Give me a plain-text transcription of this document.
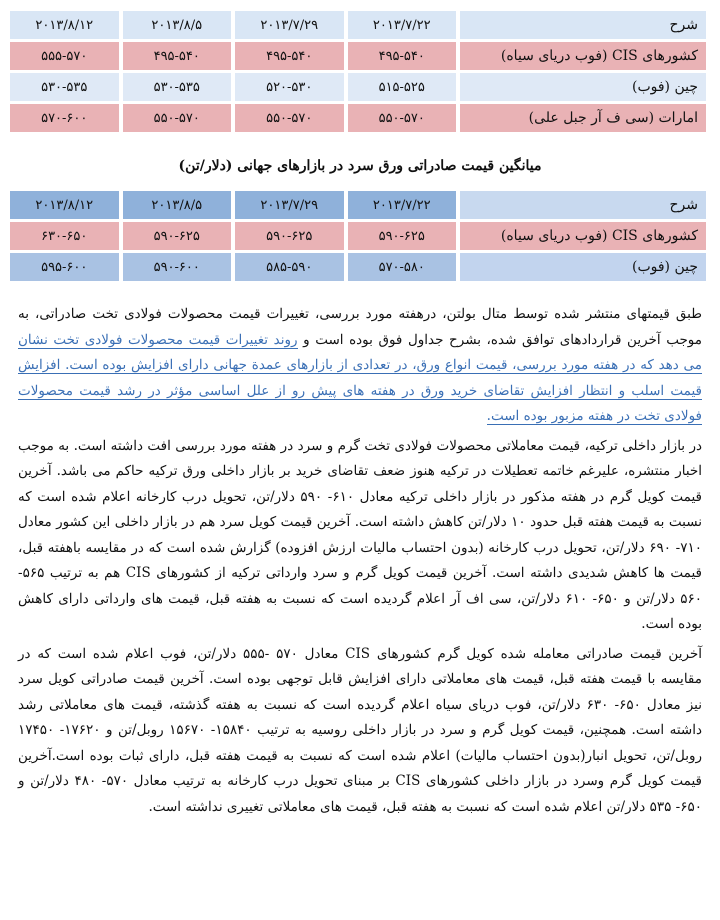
شرح	۲۰۱۳/۷/۲۲	۲۰۱۳/۷/۲۹	۲۰۱۳/۸/۵	۲۰۱۳/۸/۱۲
کشورهای CIS (فوب دریای سیاه)	۴۹۵-۵۴۰	۴۹۵-۵۴۰	۴۹۵-۵۴۰	۵۵۵-۵۷۰
چین (فوب)	۵۱۵-۵۲۵	۵۲۰-۵۳۰	۵۳۰-۵۳۵	۵۳۰-۵۳۵
امارات (سی ف آر جبل علی)	۵۵۰-۵۷۰	۵۵۰-۵۷۰	۵۵۰-۵۷۰	۵۷۰-۶۰۰
میانگین قیمت صادراتی ورق سرد در بازارهای جهانی (دلار/تن)
شرح	۲۰۱۳/۷/۲۲	۲۰۱۳/۷/۲۹	۲۰۱۳/۸/۵	۲۰۱۳/۸/۱۲
کشورهای CIS (فوب دریای سیاه)	۵۹۰-۶۲۵	۵۹۰-۶۲۵	۵۹۰-۶۲۵	۶۳۰-۶۵۰
چین (فوب)	۵۷۰-۵۸۰	۵۸۵-۵۹۰	۵۹۰-۶۰۰	۵۹۵-۶۰۰

طبق قیمتهای منتشر شده توسط متال بولتن، درهفته مورد بررسی، تغییرات قیمت محصولات فولادی تخت صادراتی، به موجب آخرین قراردادهای توافق شده، بشرح جداول فوق بوده است و روند تغییرات قیمت محصولات فولادی تخت نشان می دهد که در هفته مورد بررسی، قیمت انواع ورق، در تعدادی از بازارهای عمدة جهانی دارای افزایش بوده است. افزایش قیمت اسلب و انتظار افزایش تقاضای خرید ورق در هفته های پیش رو از علل اساسی مؤثر در رشد قیمت محصولات فولادی تخت در هفته مزبور بوده است.

در بازار داخلی ترکیه، قیمت معاملاتی محصولات فولادی تخت گرم و سرد در هفته مورد بررسی افت داشته است. به موجب اخبار منتشره، علیرغم خاتمه تعطیلات در ترکیه هنوز ضعف تقاضای خرید بر بازار داخلی ورق ترکیه حاکم می باشد. آخرین قیمت کویل گرم در هفته مذکور در بازار داخلی ترکیه معادل ۶۱۰- ۵۹۰ دلار/تن، تحویل درب کارخانه اعلام شده است که نسبت به قیمت هفته قبل حدود ۱۰ دلار/تن کاهش داشته است. آخرین قیمت کویل سرد هم در بازار داخلی این کشور معادل ۷۱۰- ۶۹۰ دلار/تن، تحویل درب کارخانه (بدون احتساب مالیات ارزش افزوده) گزارش شده است که در مقایسه باهفته قبل، قیمت ها کاهش شدیدی داشته است. آخرین قیمت کویل گرم و سرد وارداتی ترکیه از کشورهای CIS هم به ترتیب ۵۶۵- ۵۶۰ دلار/تن و ۶۵۰- ۶۱۰ دلار/تن، سی اف آر اعلام گردیده است که نسبت به هفته قبل، قیمت های وارداتی دارای کاهش بوده است.

آخرین قیمت صادراتی معامله شده کویل گرم کشورهای CIS معادل ۵۷۰ -۵۵۵ دلار/تن، فوب اعلام شده است که در مقایسه با قیمت هفته قبل، قیمت های معاملاتی دارای افزایش قابل توجهی بوده است. آخرین قیمت صادراتی کویل سرد نیز معادل ۶۵۰- ۶۳۰ دلار/تن، فوب دریای سیاه اعلام گردیده است که نسبت به هفته گذشته، قیمت های معاملاتی رشد داشته است. همچنین، قیمت کویل گرم و سرد در بازار داخلی روسیه به ترتیب ۱۵۸۴۰- ۱۵۶۷۰ روبل/تن و ۱۷۶۲۰- ۱۷۴۵۰ روبل/تن، تحویل انبار(بدون احتساب مالیات) اعلام شده است که نسبت به قیمت هفته قبل، دارای ثبات بوده است.آخرین قیمت کویل گرم وسرد در بازار داخلی کشورهای CIS بر مبنای تحویل درب کارخانه به ترتیب معادل ۵۷۰- ۴۸۰ دلار/تن و ۶۵۰- ۵۳۵ دلار/تن اعلام شده است که نسبت به هفته قبل، قیمت های معاملاتی تغییری نداشته است.
